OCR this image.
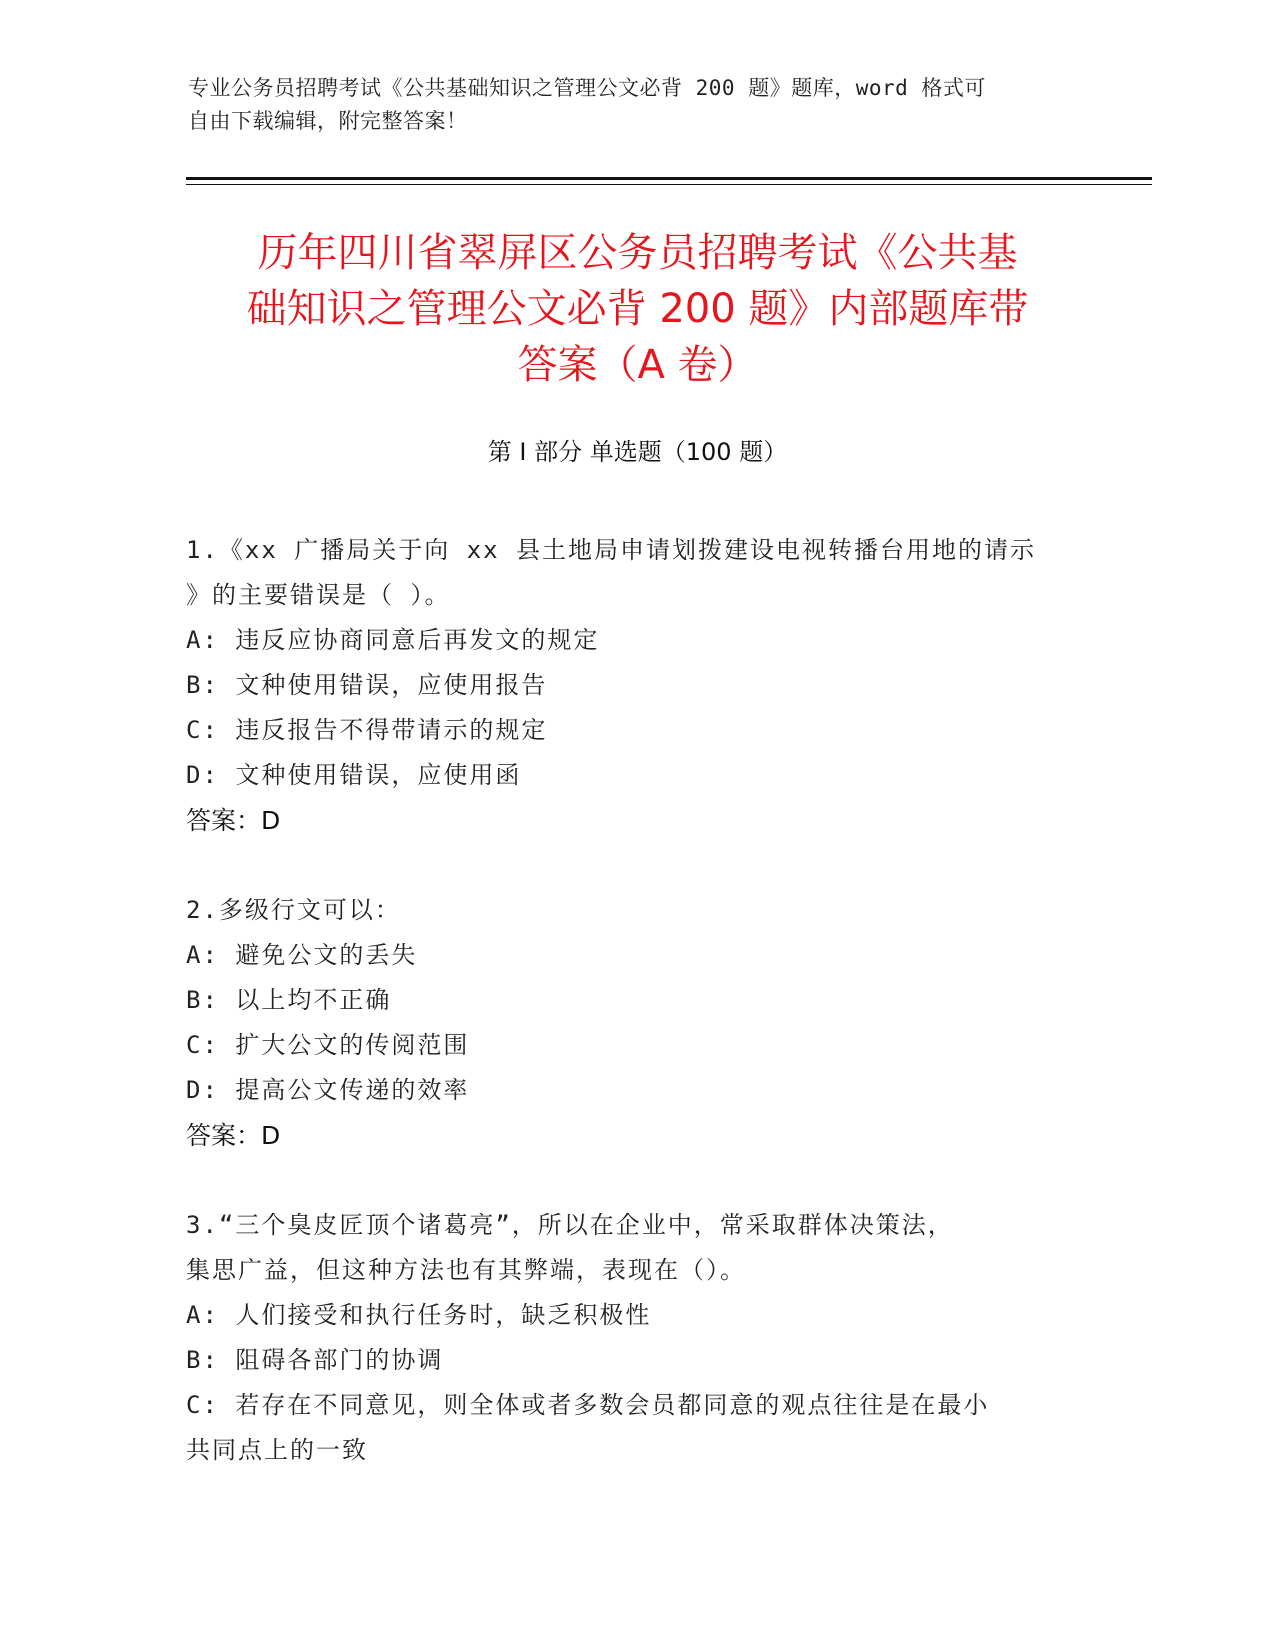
专业公务员招聘考试《公共基础知识之管理公文必背 200 题》题库，word 格式可
自由下载编辑，附完整答案！
历年四川省翠屏区公务员招聘考试《公共基
础知识之管理公文必背 200 题》内部题库带
答案（A 卷）
第 I 部分 单选题（100 题）
1.《xx 广播局关于向 xx 县土地局申请划拨建设电视转播台用地的请示
》的主要错误是（ ）。
A: 违反应协商同意后再发文的规定
B: 文种使用错误，应使用报告
C: 违反报告不得带请示的规定
D: 文种使用错误，应使用函
答案：D
2.多级行文可以：
A: 避免公文的丢失
B: 以上均不正确
C: 扩大公文的传阅范围
D: 提高公文传递的效率
答案：D
3.“三个臭皮匠顶个诸葛亮”，所以在企业中，常采取群体决策法，
集思广益，但这种方法也有其弊端，表现在（）。
A: 人们接受和执行任务时，缺乏积极性
B: 阻碍各部门的协调
C: 若存在不同意见，则全体或者多数会员都同意的观点往往是在最小
共同点上的一致
